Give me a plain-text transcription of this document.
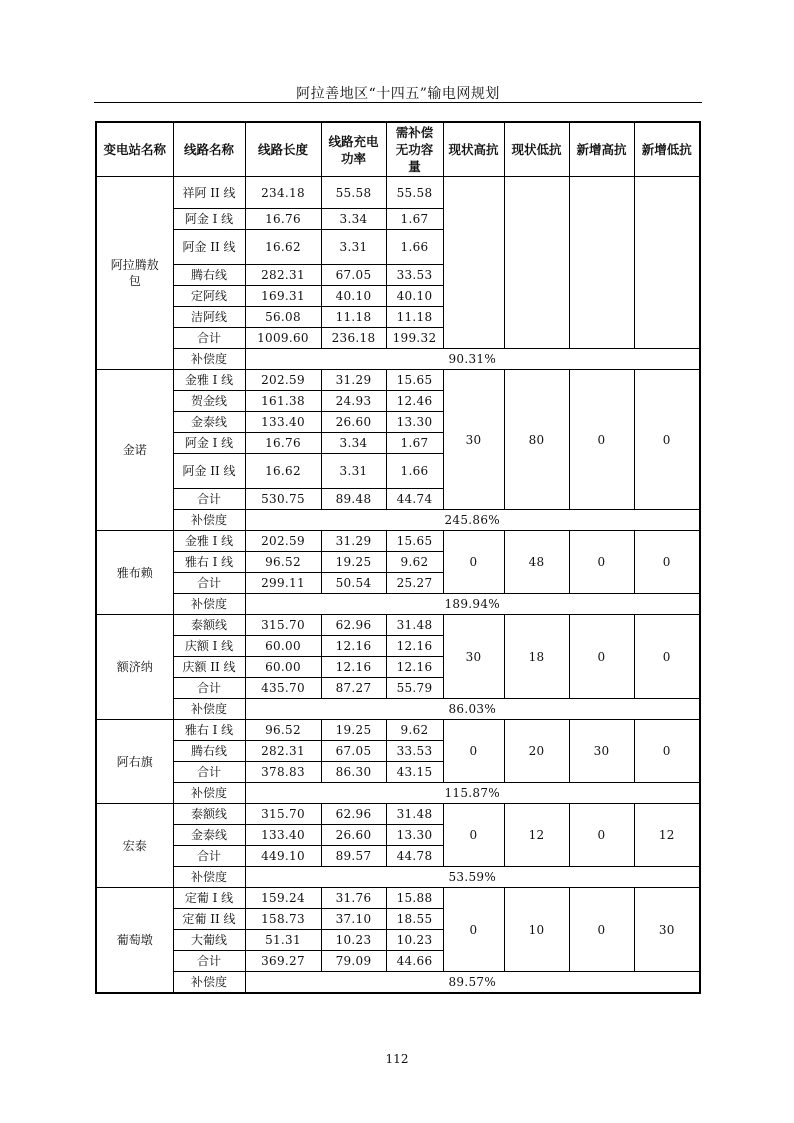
阿拉善地区“十四五”输电网规划
变电站名称	线路名称	线路长度	线路充电功率	需补偿无功容量	现状高抗	现状低抗	新增高抗	新增低抗
阿拉腾敖包	祥阿 II 线	234.18	55.58	55.58				
	阿金 I 线	16.76	3.34	1.67				
	阿金 II 线	16.62	3.31	1.66				
	腾右线	282.31	67.05	33.53				
	定阿线	169.31	40.10	40.10				
	洁阿线	56.08	11.18	11.18				
	合计	1009.60	236.18	199.32				
	补偿度	90.31%						
金诺	金雅 I 线	202.59	31.29	15.65	30	80	0	0
	贺金线	161.38	24.93	12.46				
	金泰线	133.40	26.60	13.30				
	阿金 I 线	16.76	3.34	1.67				
	阿金 II 线	16.62	3.31	1.66				
	合计	530.75	89.48	44.74				
	补偿度	245.86%						
雅布赖	金雅 I 线	202.59	31.29	15.65	0	48	0	0
	雅右 I 线	96.52	19.25	9.62				
	合计	299.11	50.54	25.27				
	补偿度	189.94%						
额济纳	泰额线	315.70	62.96	31.48	30	18	0	0
	庆额 I 线	60.00	12.16	12.16				
	庆额 II 线	60.00	12.16	12.16				
	合计	435.70	87.27	55.79				
	补偿度	86.03%						
阿右旗	雅右 I 线	96.52	19.25	9.62	0	20	30	0
	腾右线	282.31	67.05	33.53				
	合计	378.83	86.30	43.15				
	补偿度	115.87%						
宏泰	泰额线	315.70	62.96	31.48	0	12	0	12
	金泰线	133.40	26.60	13.30				
	合计	449.10	89.57	44.78				
	补偿度	53.59%						
葡萄墩	定葡 I 线	159.24	31.76	15.88	0	10	0	30
	定葡 II 线	158.73	37.10	18.55				
	大葡线	51.31	10.23	10.23				
	合计	369.27	79.09	44.66				
	补偿度	89.57%						
112
